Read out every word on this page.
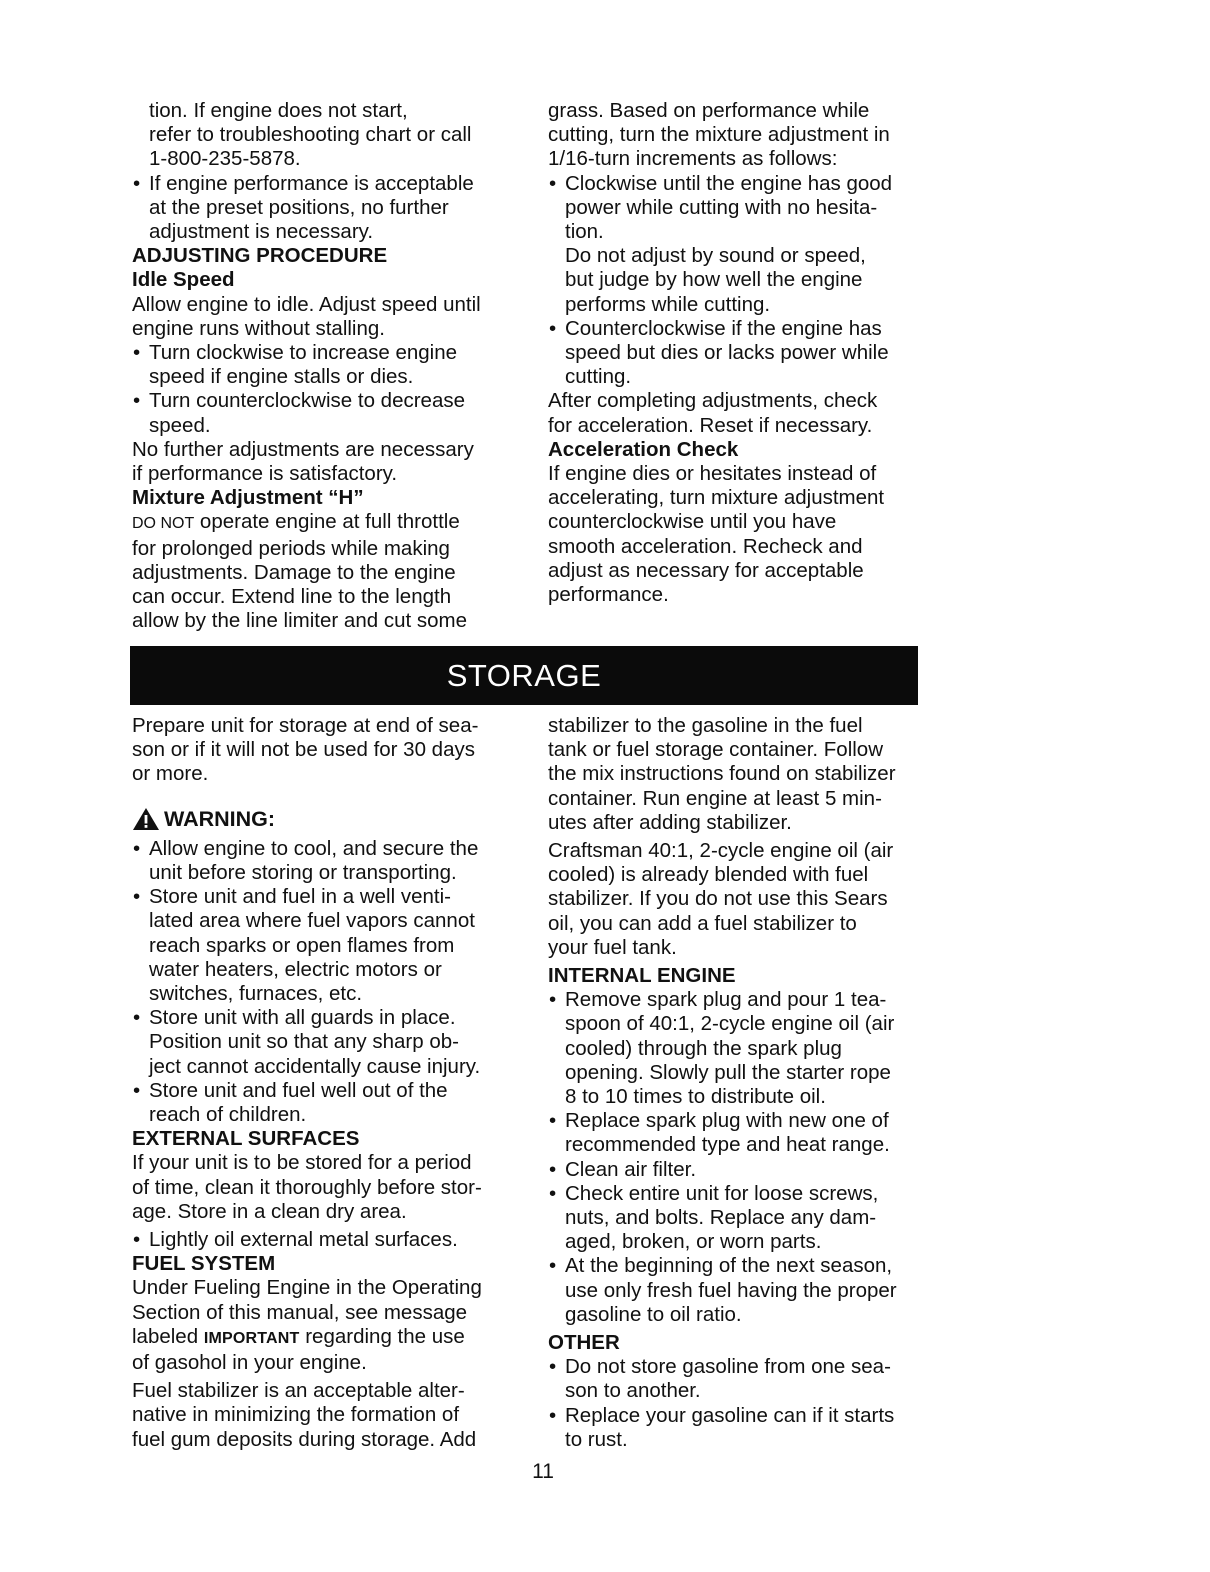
tion. If engine does not start,
refer to troubleshooting chart or call
1-800-235-5878.
• If engine performance is acceptable
at the preset positions, no further
adjustment is necessary.
ADJUSTING PROCEDURE
Idle Speed
Allow engine to idle. Adjust speed until
engine runs without stalling.
• Turn clockwise to increase engine
speed if engine stalls or dies.
• Turn counterclockwise to decrease
speed.
No further adjustments are necessary
if performance is satisfactory.
Mixture Adjustment “H”
DO NOT operate engine at full throttle
for prolonged periods while making
adjustments. Damage to the engine
can occur. Extend line to the length
allow by the line limiter and cut some
grass. Based on performance while
cutting, turn the mixture adjustment in
1/16-turn increments as follows:
• Clockwise until the engine has good
power while cutting with no hesita-
tion.
Do not adjust by sound or speed,
but judge by how well the engine
performs while cutting.
• Counterclockwise if the engine has
speed but dies or lacks power while
cutting.
After completing adjustments, check
for acceleration. Reset if necessary.
Acceleration Check
If engine dies or hesitates instead of
accelerating, turn mixture adjustment
counterclockwise until you have
smooth acceleration. Recheck and
adjust as necessary for acceptable
performance.
STORAGE
Prepare unit for storage at end of sea-
son or if it will not be used for 30 days
or more.
WARNING:
• Allow engine to cool, and secure the
unit before storing or transporting.
• Store unit and fuel in a well venti-
lated area where fuel vapors cannot
reach sparks or open flames from
water heaters, electric motors or
switches, furnaces, etc.
• Store unit with all guards in place.
Position unit so that any sharp ob-
ject cannot accidentally cause injury.
• Store unit and fuel well out of the
reach of children.
EXTERNAL SURFACES
If your unit is to be stored for a period
of time, clean it thoroughly before stor-
age. Store in a clean dry area.
• Lightly oil external metal surfaces.
FUEL SYSTEM
Under Fueling Engine in the Operating
Section of this manual, see message
labeled IMPORTANT regarding the use
of gasohol in your engine.
Fuel stabilizer is an acceptable alter-
native in minimizing the formation of
fuel gum deposits during storage. Add
stabilizer to the gasoline in the fuel
tank or fuel storage container. Follow
the mix instructions found on stabilizer
container. Run engine at least 5 min-
utes after adding stabilizer.
Craftsman 40:1, 2-cycle engine oil (air
cooled) is already blended with fuel
stabilizer. If you do not use this Sears
oil, you can add a fuel stabilizer to
your fuel tank.
INTERNAL ENGINE
• Remove spark plug and pour 1 tea-
spoon of 40:1, 2-cycle engine oil (air
cooled) through the spark plug
opening. Slowly pull the starter rope
8 to 10 times to distribute oil.
• Replace spark plug with new one of
recommended type and heat range.
• Clean air filter.
• Check entire unit for loose screws,
nuts, and bolts. Replace any dam-
aged, broken, or worn parts.
• At the beginning of the next season,
use only fresh fuel having the proper
gasoline to oil ratio.
OTHER
• Do not store gasoline from one sea-
son to another.
• Replace your gasoline can if it starts
to rust.
11
